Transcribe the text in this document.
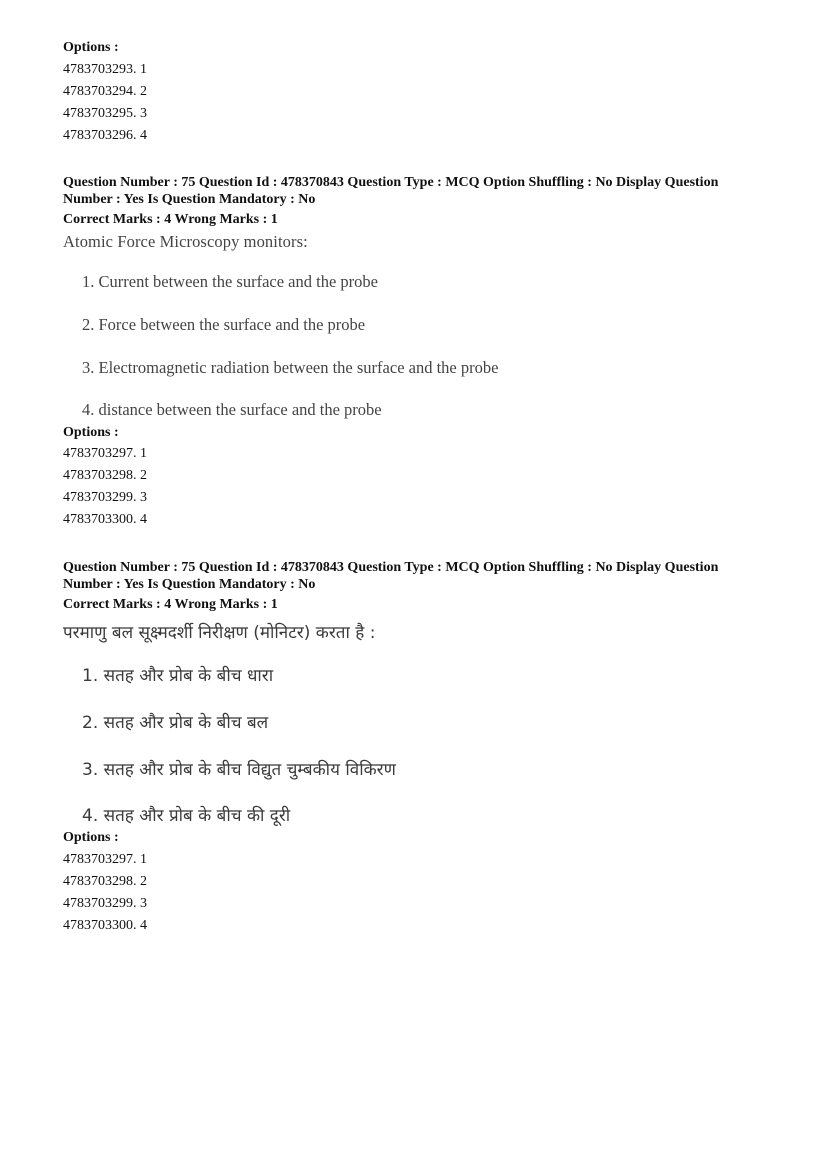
Options :
4783703293. 1
4783703294. 2
4783703295. 3
4783703296. 4
Question Number : 75 Question Id : 478370843 Question Type : MCQ Option Shuffling : No Display Question
Number : Yes Is Question Mandatory : No
Correct Marks : 4 Wrong Marks : 1
Atomic Force Microscopy monitors:
1. Current between the surface and the probe
2. Force between the surface and the probe
3. Electromagnetic radiation between the surface and the probe
4. distance between the surface and the probe
Options :
4783703297. 1
4783703298. 2
4783703299. 3
4783703300. 4
Question Number : 75 Question Id : 478370843 Question Type : MCQ Option Shuffling : No Display Question
Number : Yes Is Question Mandatory : No
Correct Marks : 4 Wrong Marks : 1
परमाणु बल सूक्ष्मदर्शी निरीक्षण (मोनिटर) करता है :
1. सतह और प्रोब के बीच धारा
2. सतह और प्रोब के बीच बल
3. सतह और प्रोब के बीच विद्युत चुम्बकीय विकिरण
4. सतह और प्रोब के बीच की दूरी
Options :
4783703297. 1
4783703298. 2
4783703299. 3
4783703300. 4
